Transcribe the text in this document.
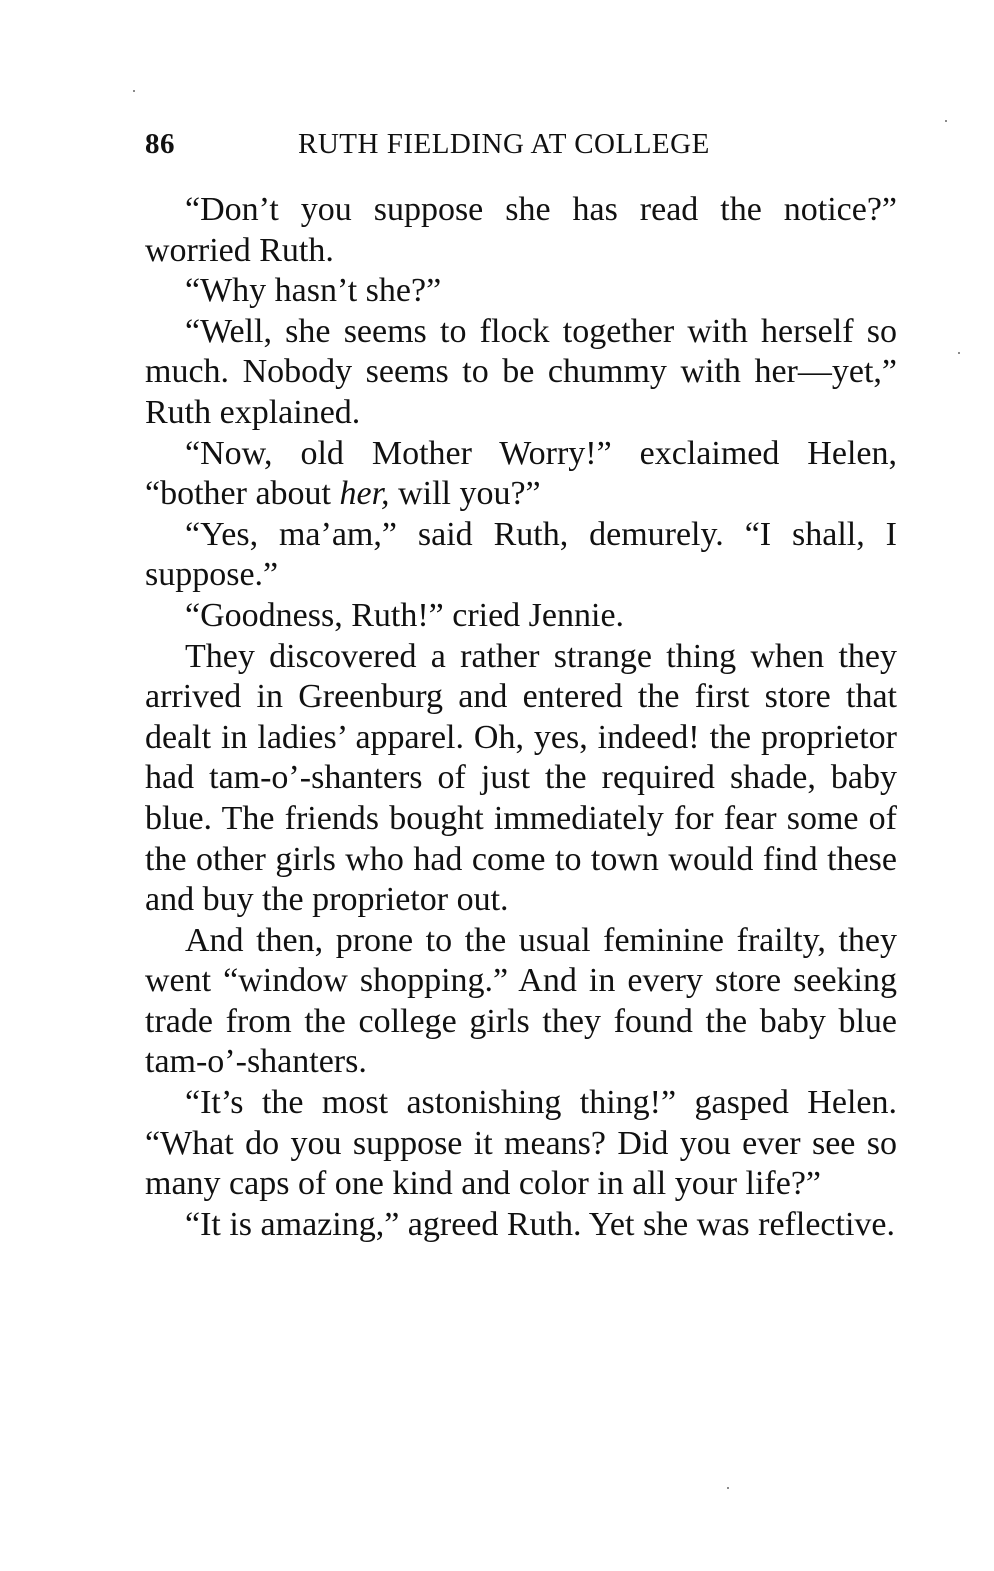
86	RUTH FIELDING AT COLLEGE

“Don’t you suppose she has read the notice?” worried Ruth.

“Why hasn’t she?”

“Well, she seems to flock together with herself so much. Nobody seems to be chummy with her—yet,” Ruth explained.

“Now, old Mother Worry!” exclaimed Helen, “bother about her, will you?”

“Yes, ma’am,” said Ruth, demurely. “I shall, I suppose.”

“Goodness, Ruth!” cried Jennie.

They discovered a rather strange thing when they arrived in Greenburg and entered the first store that dealt in ladies’ apparel. Oh, yes, indeed! the proprietor had tam-o’-shanters of just the required shade, baby blue. The friends bought immediately for fear some of the other girls who had come to town would find these and buy the proprietor out.

And then, prone to the usual feminine frailty, they went “window shopping.” And in every store seeking trade from the college girls they found the baby blue tam-o’-shanters.

“It’s the most astonishing thing!” gasped Helen. “What do you suppose it means? Did you ever see so many caps of one kind and color in all your life?”

“It is amazing,” agreed Ruth. Yet she was reflective.
